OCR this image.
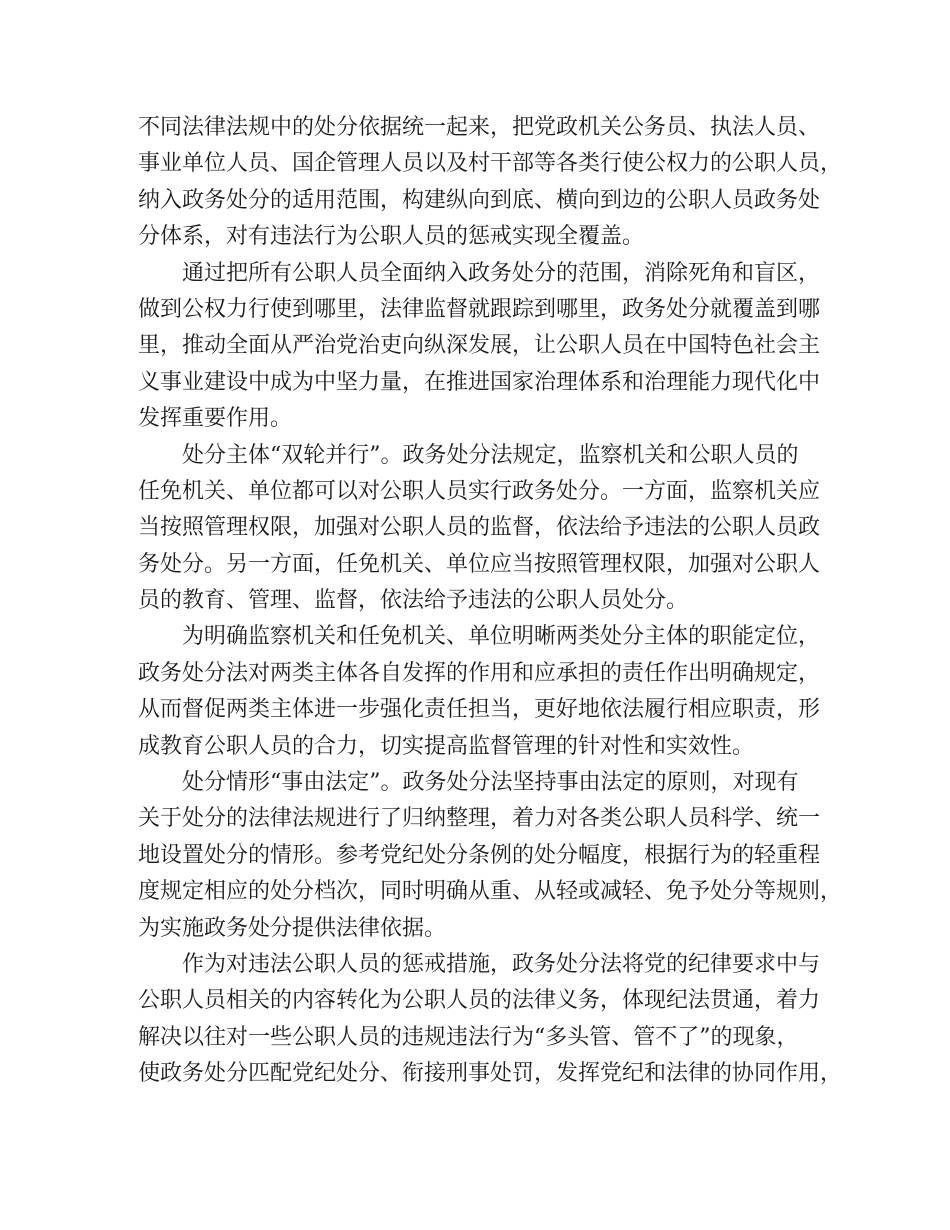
不同法律法规中的处分依据统一起来，把党政机关公务员、执法人员、
事业单位人员、国企管理人员以及村干部等各类行使公权力的公职人员，
纳入政务处分的适用范围，构建纵向到底、横向到边的公职人员政务处
分体系，对有违法行为公职人员的惩戒实现全覆盖。

通过把所有公职人员全面纳入政务处分的范围，消除死角和盲区，
做到公权力行使到哪里，法律监督就跟踪到哪里，政务处分就覆盖到哪
里，推动全面从严治党治吏向纵深发展，让公职人员在中国特色社会主
义事业建设中成为中坚力量，在推进国家治理体系和治理能力现代化中
发挥重要作用。

处分主体“双轮并行”。政务处分法规定，监察机关和公职人员的
任免机关、单位都可以对公职人员实行政务处分。一方面，监察机关应
当按照管理权限，加强对公职人员的监督，依法给予违法的公职人员政
务处分。另一方面，任免机关、单位应当按照管理权限，加强对公职人
员的教育、管理、监督，依法给予违法的公职人员处分。

为明确监察机关和任免机关、单位明晰两类处分主体的职能定位，
政务处分法对两类主体各自发挥的作用和应承担的责任作出明确规定，
从而督促两类主体进一步强化责任担当，更好地依法履行相应职责，形
成教育公职人员的合力，切实提高监督管理的针对性和实效性。

处分情形“事由法定”。政务处分法坚持事由法定的原则，对现有
关于处分的法律法规进行了归纳整理，着力对各类公职人员科学、统一
地设置处分的情形。参考党纪处分条例的处分幅度，根据行为的轻重程
度规定相应的处分档次，同时明确从重、从轻或减轻、免予处分等规则，
为实施政务处分提供法律依据。

作为对违法公职人员的惩戒措施，政务处分法将党的纪律要求中与
公职人员相关的内容转化为公职人员的法律义务，体现纪法贯通，着力
解决以往对一些公职人员的违规违法行为“多头管、管不了”的现象，
使政务处分匹配党纪处分、衔接刑事处罚，发挥党纪和法律的协同作用，
